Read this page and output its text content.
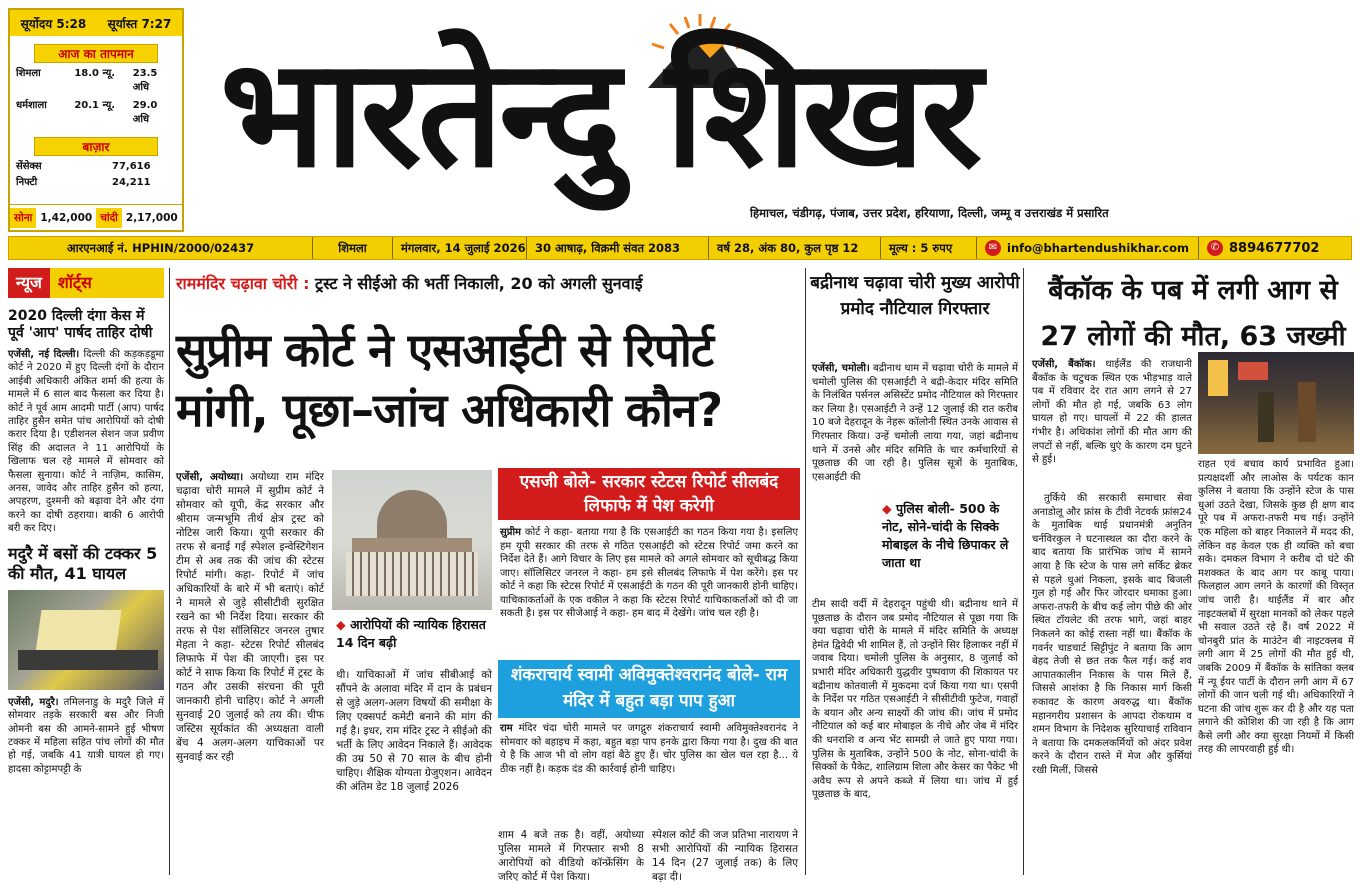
सूर्योदय 5:28 सूर्यास्त 7:27
आज का तापमान
शिमला	18.0 न्यू.	23.5 अधि
धर्मशाला	20.1 न्यू.	29.0 अधि
बाज़ार
सेंसेक्स	77,616
निफ्टी	24,211
सोना 1,42,000 चांदी 2,17,000
भारतेन्दु शिखर
हिमाचल, चंडीगढ़, पंजाब, उत्तर प्रदेश, हरियाणा, दिल्ली, जम्मू व उत्तराखंड में प्रसारित
आरएनआई नं. HPHIN/2000/02437	शिमला	मंगलवार, 14 जुलाई 2026 30 आषाढ़, विक्रमी संवत 2083	वर्ष 28, अंक 80, कुल पृष्ठ 12	मूल्य : 5 रुपए	✉ info@bhartendushikhar.com	✆ 8894677702
न्यूज	शॉर्ट्स
2020 दिल्ली दंगा केस में पूर्व 'आप' पार्षद ताहिर दोषी
एजेंसी, नई दिल्ली। दिल्ली की कड़कड़डूमा कोर्ट ने 2020 में हुए दिल्ली दंगों के दौरान आईबी अधिकारी अंकित शर्मा की हत्या के मामले में 6 साल बाद फैसला कर दिया है। कोर्ट ने पूर्व आम आदमी पार्टी (आप) पार्षद ताहिर हुसैन समेत पांच आरोपियों को दोषी करार दिया है। एडीशनल सेशन जज प्रवीण सिंह की अदालत ने 11 आरोपियों के खिलाफ चल रहे मामले में सोमवार को फैसला सुनाया। कोर्ट ने नाज़िम, कासिम, अनस, जावेद और ताहिर हुसैन को हत्या, अपहरण, दुश्मनी को बढ़ावा देने और दंगा करने का दोषी ठहराया। बाकी 6 आरोपी बरी कर दिए।
मदुरै में बसों की टक्कर 5 की मौत, 41 घायल
एजेंसी, मदुरै। तमिलनाडु के मदुरै जिले में सोमवार तड़के सरकारी बस और निजी ओमनी बस की आमने-सामने हुई भीषण टक्कर में महिला सहित पांच लोगों की मौत हो गई, जबकि 41 यात्री घायल हो गए। हादसा कोट्टामपट्टी के
राममंदिर चढ़ावा चोरी : ट्रस्ट ने सीईओ की भर्ती निकाली, 20 को अगली सुनवाई
सुप्रीम कोर्ट ने एसआईटी से रिपोर्ट मांगी, पूछा–जांच अधिकारी कौन?
एजेंसी, अयोध्या। अयोध्या राम मंदिर चढ़ावा चोरी मामले में सुप्रीम कोर्ट ने सोमवार को यूपी, केंद्र सरकार और श्रीराम जन्मभूमि तीर्थ क्षेत्र ट्रस्ट को नोटिस जारी किया। यूपी सरकार की तरफ से बनाई गई स्पेशल इन्वेस्टिगेशन टीम से अब तक की जांच की स्टेटस रिपोर्ट मांगी। कहा- रिपोर्ट में जांच अधिकारियों के बारे में भी बताएं। कोर्ट ने मामले से जुड़े सीसीटीवी सुरक्षित रखने का भी निर्देश दिया। सरकार की तरफ से पेश सॉलिसिटर जनरल तुषार मेहता ने कहा- स्टेटस रिपोर्ट सीलबंद लिफाफे में पेश की जाएगी। इस पर कोर्ट ने साफ किया कि रिपोर्ट में ट्रस्ट के गठन और उसकी संरचना की पूरी जानकारी होनी चाहिए। कोर्ट ने अगली सुनवाई 20 जुलाई को तय की। चीफ जस्टिस सूर्यकांत की अध्यक्षता वाली बेंच 4 अलग-अलग याचिकाओं पर सुनवाई कर रही
◆ आरोपियों की न्यायिक हिरासत 14 दिन बढ़ी
थी। याचिकाओं में जांच सीबीआई को सौंपने के अलावा मंदिर में दान के प्रबंधन से जुड़े अलग-अलग विषयों की समीक्षा के लिए एक्सपर्ट कमेटी बनाने की मांग की गई है। इधर, राम मंदिर ट्रस्ट ने सीईओ की भर्ती के लिए आवेदन निकाले हैं। आवेदक की उम्र 50 से 70 साल के बीच होनी चाहिए। शैक्षिक योग्यता ग्रेजुएशन। आवेदन की अंतिम डेट 18 जुलाई 2026
एसजी बोले- सरकार स्टेटस रिपोर्ट सीलबंद लिफाफे में पेश करेगी
सुप्रीम कोर्ट ने कहा- बताया गया है कि एसआईटी का गठन किया गया है। इसलिए हम यूपी सरकार की तरफ से गठित एसआईटी को स्टेटस रिपोर्ट जमा करने का निर्देश देते हैं। आगे विचार के लिए इस मामले को अगले सोमवार को सूचीबद्ध किया जाए। सॉलिसिटर जनरल ने कहा- हम इसे सीलबंद लिफाफे में पेश करेंगे। इस पर कोर्ट ने कहा कि स्टेटस रिपोर्ट में एसआईटी के गठन की पूरी जानकारी होनी चाहिए। याचिकाकर्ताओं के एक वकील ने कहा कि स्टेटस रिपोर्ट याचिकाकर्ताओं को दी जा सकती है। इस पर सीजेआई ने कहा- हम बाद में देखेंगे। जांच चल रही है।
शंकराचार्य स्वामी अविमुक्तेश्वरानंद बोले- राम मंदिर में बहुत बड़ा पाप हुआ
राम मंदिर चंदा चोरी मामले पर जगद्गुरु शंकराचार्य स्वामी अविमुक्तेश्वरानंद ने सोमवार को बहाइच में कहा, बहुत बड़ा पाप हनके द्वारा किया गया है। दुख की बात ये है कि आज भी वो लोग वहां बैठे हुए हैं। चोर पुलिस का खेल चल रहा है... ये ठीक नहीं है। कड़क दंड की कार्रवाई होनी चाहिए।
शाम 4 बजे तक है। वहीं, अयोध्या पुलिस मामले में गिरफ्तार सभी 8 आरोपियों को वीडियो कॉन्फ्रेंसिंग के जरिए कोर्ट में पेश किया।
स्पेशल कोर्ट की जज प्रतिभा नारायण ने सभी आरोपियों की न्यायिक हिरासत 14 दिन (27 जुलाई तक) के लिए बढ़ा दी।
बद्रीनाथ चढ़ावा चोरी मुख्य आरोपी प्रमोद नौटियाल गिरफ्तार
एजेंसी, चमोली। बद्रीनाथ धाम में चढ़ावा चोरी के मामले में चमोली पुलिस की एसआईटी ने बद्री-केदार मंदिर समिति के निलंबित पर्सनल असिस्टेंट प्रमोद नौटियाल को गिरफ्तार कर लिया है। एसआईटी ने उन्हें 12 जुलाई की रात करीब 10 बजे देहरादून के नेहरू कॉलोनी स्थित उनके आवास से गिरफ्तार किया। उन्हें चमोली लाया गया, जहां बद्रीनाथ थाने में उनसे और मंदिर समिति के चार कर्मचारियों से पूछताछ की जा रही है। पुलिस सूत्रों के मुताबिक, एसआईटी की
◆ पुलिस बोली- 500 के नोट, सोने-चांदी के सिक्के मोबाइल के नीचे छिपाकर ले जाता था
टीम सादी वर्दी में देहरादून पहुंची थी। बद्रीनाथ थाने में पूछताछ के दौरान जब प्रमोद नौटियाल से पूछा गया कि क्या चढ़ावा चोरी के मामले में मंदिर समिति के अध्यक्ष हेमंत द्विवेदी भी शामिल हैं, तो उन्होंने सिर हिलाकर नहीं में जवाब दिया। चमोली पुलिस के अनुसार, 8 जुलाई को प्रभारी मंदिर अधिकारी युद्धवीर पुष्पवाण की शिकायत पर बद्रीनाथ कोतवाली में मुकदमा दर्ज किया गया था। एसपी के निर्देश पर गठित एसआईटी ने सीसीटीवी फुटेज, गवाहों के बयान और अन्य साक्ष्यों की जांच की। जांच में प्रमोद नौटियाल को कई बार मोबाइल के नीचे और जेब में मंदिर की धनराशि व अन्य भेंट सामग्री ले जाते हुए पाया गया। पुलिस के मुताबिक, उन्होंने 500 के नोट, सोना-चांदी के सिक्कों के पैकेट, शालिग्राम शिला और केसर का पैकेट भी अवैध रूप से अपने कब्जे में लिया था। जांच में हुई पूछताछ के बाद,
बैंकॉक के पब में लगी आग से 27 लोगों की मौत, 63 जख्मी
एजेंसी, बैंकॉक। थाईलैंड की राजधानी बैंकॉक के चटुचक स्थित एक भीड़भाड़ वाले पब में रविवार देर रात आग लगने से 27 लोगों की मौत हो गई, जबकि 63 लोग घायल हो गए। घायलों में 22 की हालत गंभीर है। अधिकांश लोगों की मौत आग की लपटों से नहीं, बल्कि धुएं के कारण दम घुटने से हुई।	राहत एवं बचाव कार्य प्रभावित हुआ। प्रत्यक्षदर्शी और लाओस के पर्यटक कान कुलिस ने बताया कि उन्होंने स्टेज के पास धुआं उठते देखा, जिसके कुछ ही क्षण बाद पूरे पब में अफरा-तफरी मच गई। उन्होंने एक महिला को बाहर निकालने में मदद की, लेकिन वह केवल एक ही व्यक्ति को बचा सके। दमकल विभाग ने करीब दो घंटे की मशक्कत के बाद आग पर काबू पाया। फिलहाल आग लगने के कारणों की विस्तृत जांच जारी है। थाईलैंड में बार और नाइटक्लबों में सुरक्षा मानकों को लेकर पहले भी सवाल उठते रहे हैं। वर्ष 2022 में चोनबुरी प्रांत के माउंटेन बी नाइटक्लब में लगी आग में 25 लोगों की मौत हुई थी, जबकि 2009 में बैंकॉक के सांतिका क्लब में न्यू ईयर पार्टी के दौरान लगी आग में 67 लोगों की जान चली गई थी। अधिकारियों ने घटना की जांच शुरू कर दी है और यह पता लगाने की कोशिश की जा रही है कि आग कैसे लगी और क्या सुरक्षा नियमों में किसी तरह की लापरवाही हुई थी।
तुर्किये की सरकारी समाचार सेवा अनाडोलू और फ्रांस के टीवी नेटवर्क फ्रांस24 के मुताबिक थाई प्रधानमंत्री अनुतिन चर्नविरकुल ने घटनास्थल का दौरा करने के बाद बताया कि प्रारंभिक जांच में सामने आया है कि स्टेज के पास लगे सर्किट ब्रेकर से पहले धुआं निकला, इसके बाद बिजली गुल हो गई और फिर जोरदार धमाका हुआ। अफरा-तफरी के बीच कई लोग पीछे की ओर स्थित टॉयलेट की तरफ भागे, जहां बाहर निकलने का कोई रास्ता नहीं था। बैंकॉक के गवर्नर चाडचार्ट सिट्टीपुंट ने बताया कि आग बेहद तेजी से छत तक फैल गई। कई शव आपातकालीन निकास के पास मिले हैं, जिससे आशंका है कि निकास मार्ग किसी रुकावट के कारण अवरुद्ध था। बैंकॉक महानगरीय प्रशासन के आपदा रोकथाम व शमन विभाग के निदेशक सुरियाचाई राविवान ने बताया कि दमकलकर्मियों को अंदर प्रवेश करने के दौरान रास्ते में मेज और कुर्सियां रखी मिलीं, जिससे
